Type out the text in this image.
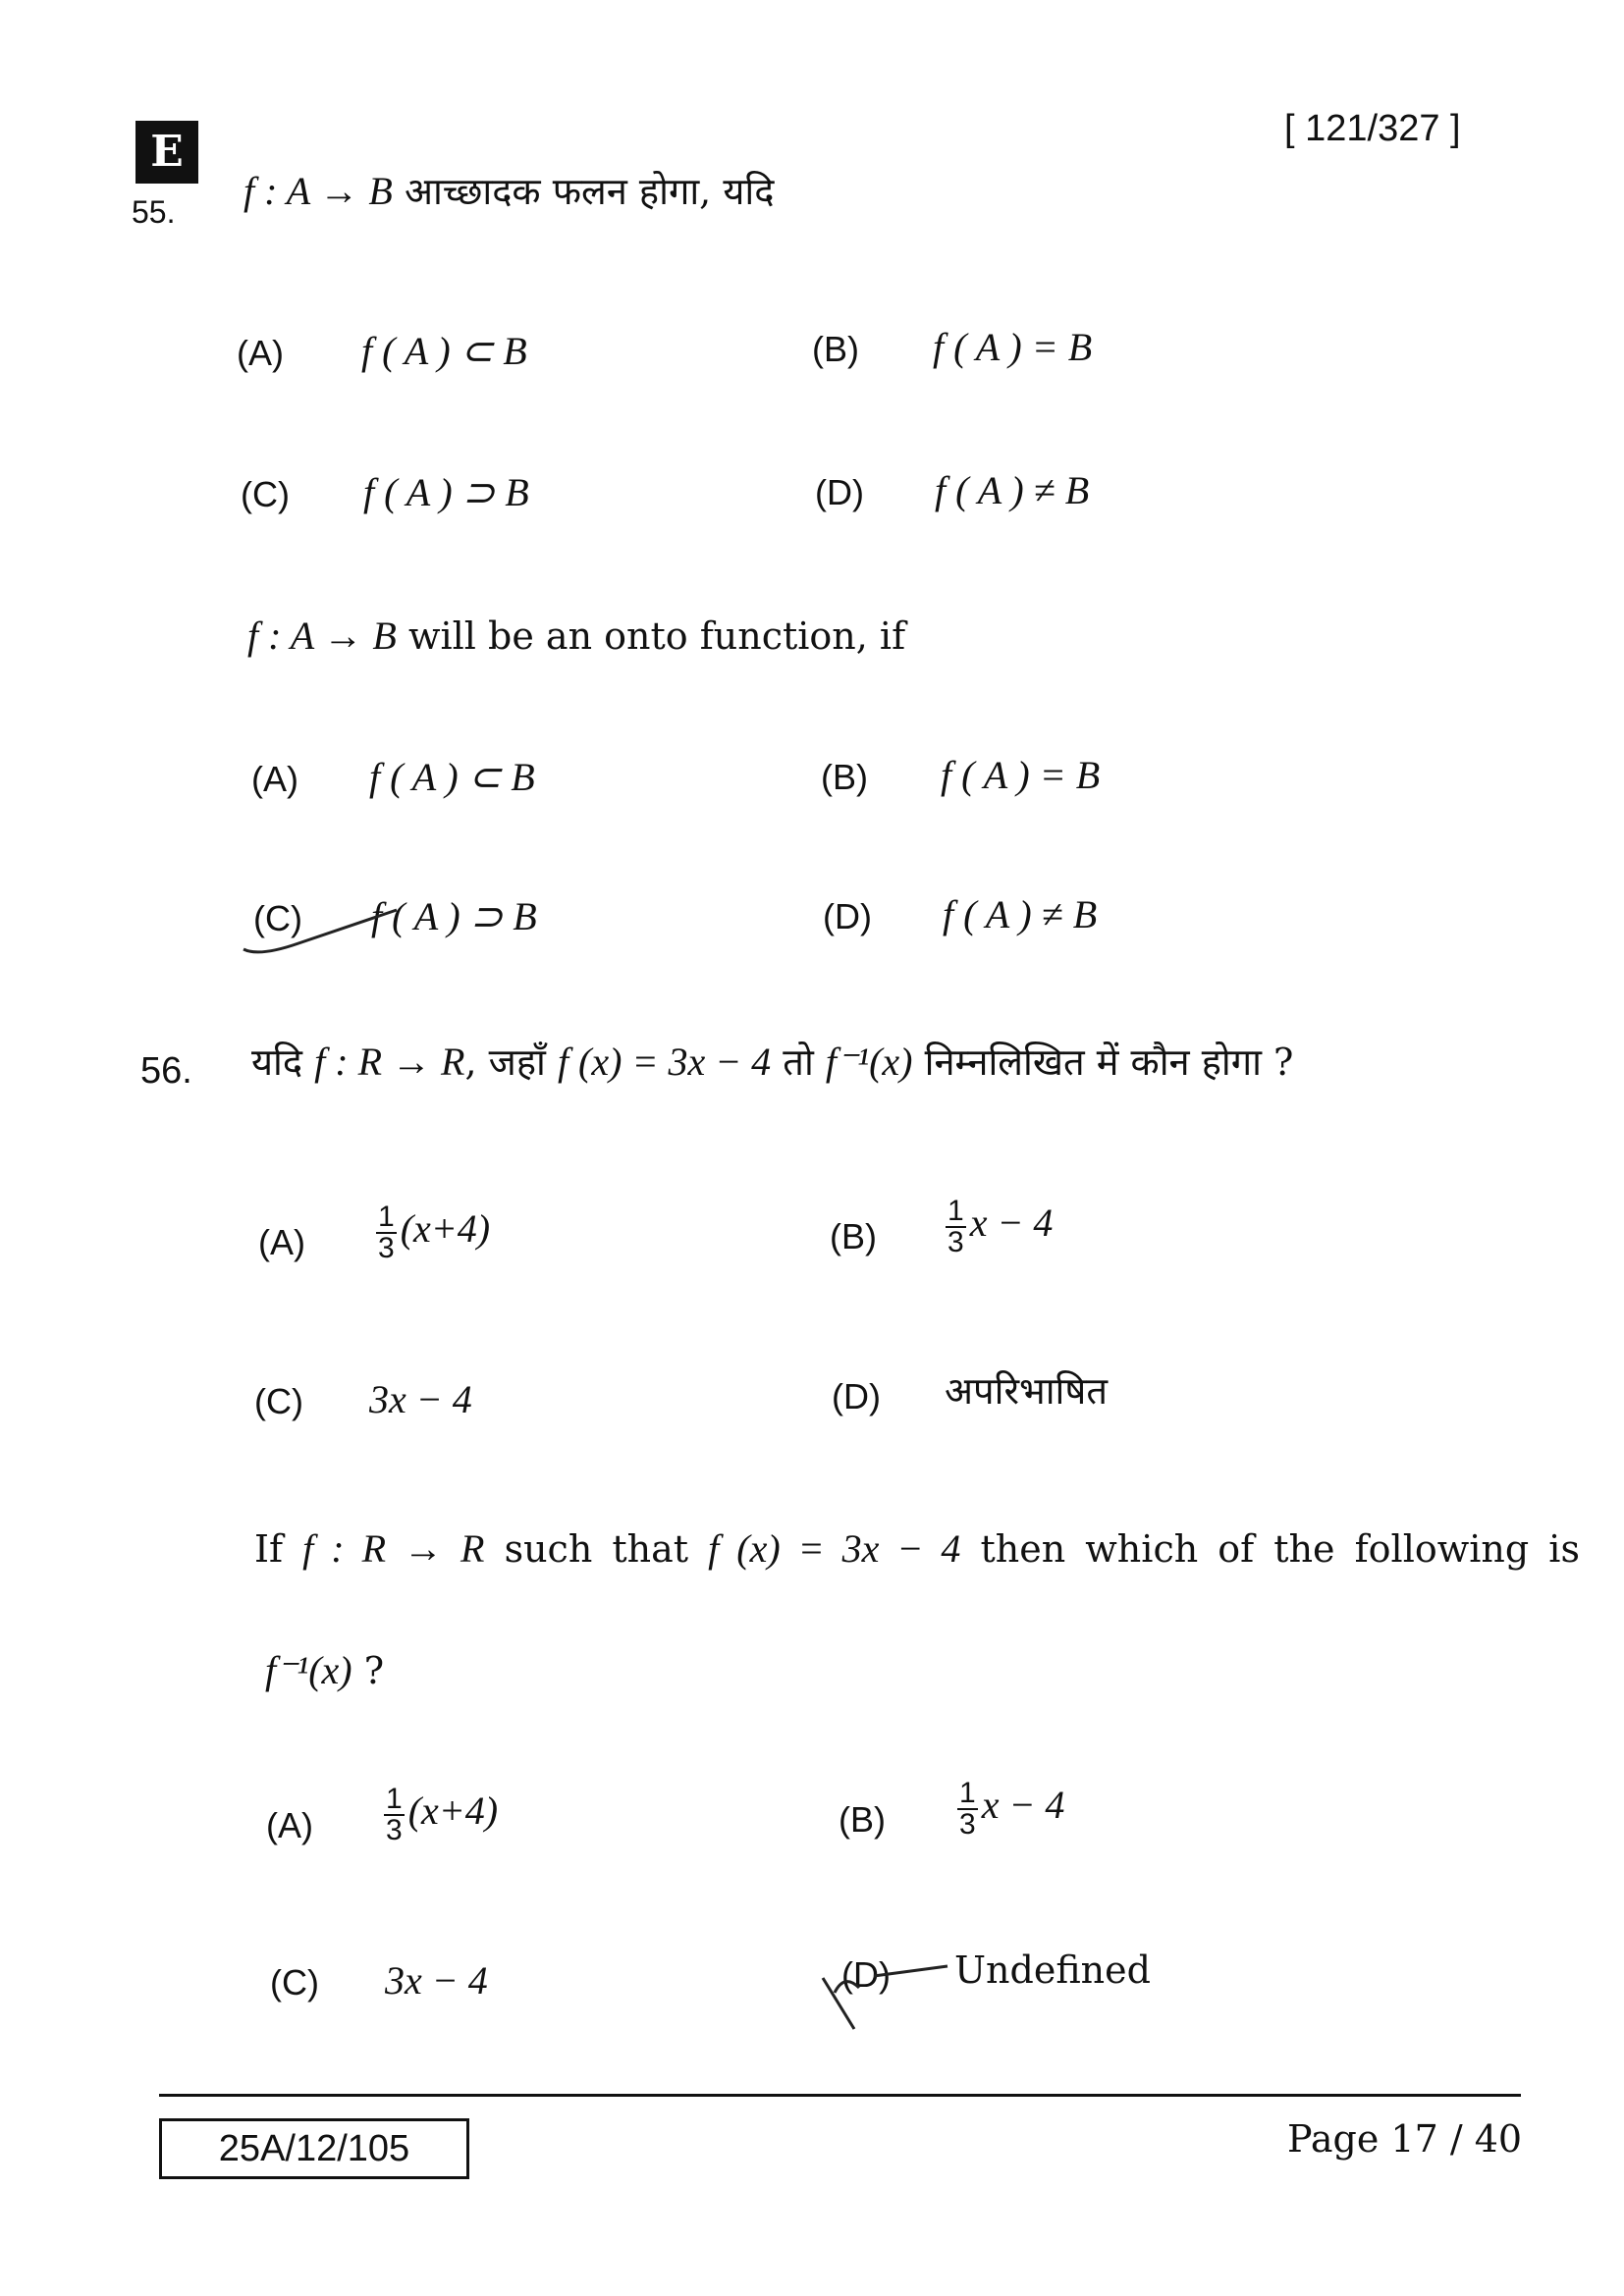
E	[ 121/327 ]
55. f : A → B आच्छादक फलन होगा, यदि
(A) f ( A ) ⊂ B	(B) f ( A ) = B
(C) f ( A ) ⊃ B	(D) f ( A ) ≠ B
f : A → B will be an onto function, if
(A) f ( A ) ⊂ B	(B) f ( A ) = B
(C) f ( A ) ⊃ B	(D) f ( A ) ≠ B
56. यदि f : R → R, जहाँ f (x) = 3x − 4 तो f⁻¹(x) निम्नलिखित में कौन होगा ?
$(A) \frac{1}{3} (x+4)$	$(B) \frac{1}{3}$ x − 4
(C) 3x − 4	(D) अपरिभाषित
If f : R → R such that f (x) = 3x − 4 then which of the following is
f⁻¹(x) ?
$(A) \frac{1}{3} (x+4)$	$(B) \frac{1}{3}$ x − 4
(C) 3x − 4	(D) Undefined
25A/12/105	Page 17 / 40
